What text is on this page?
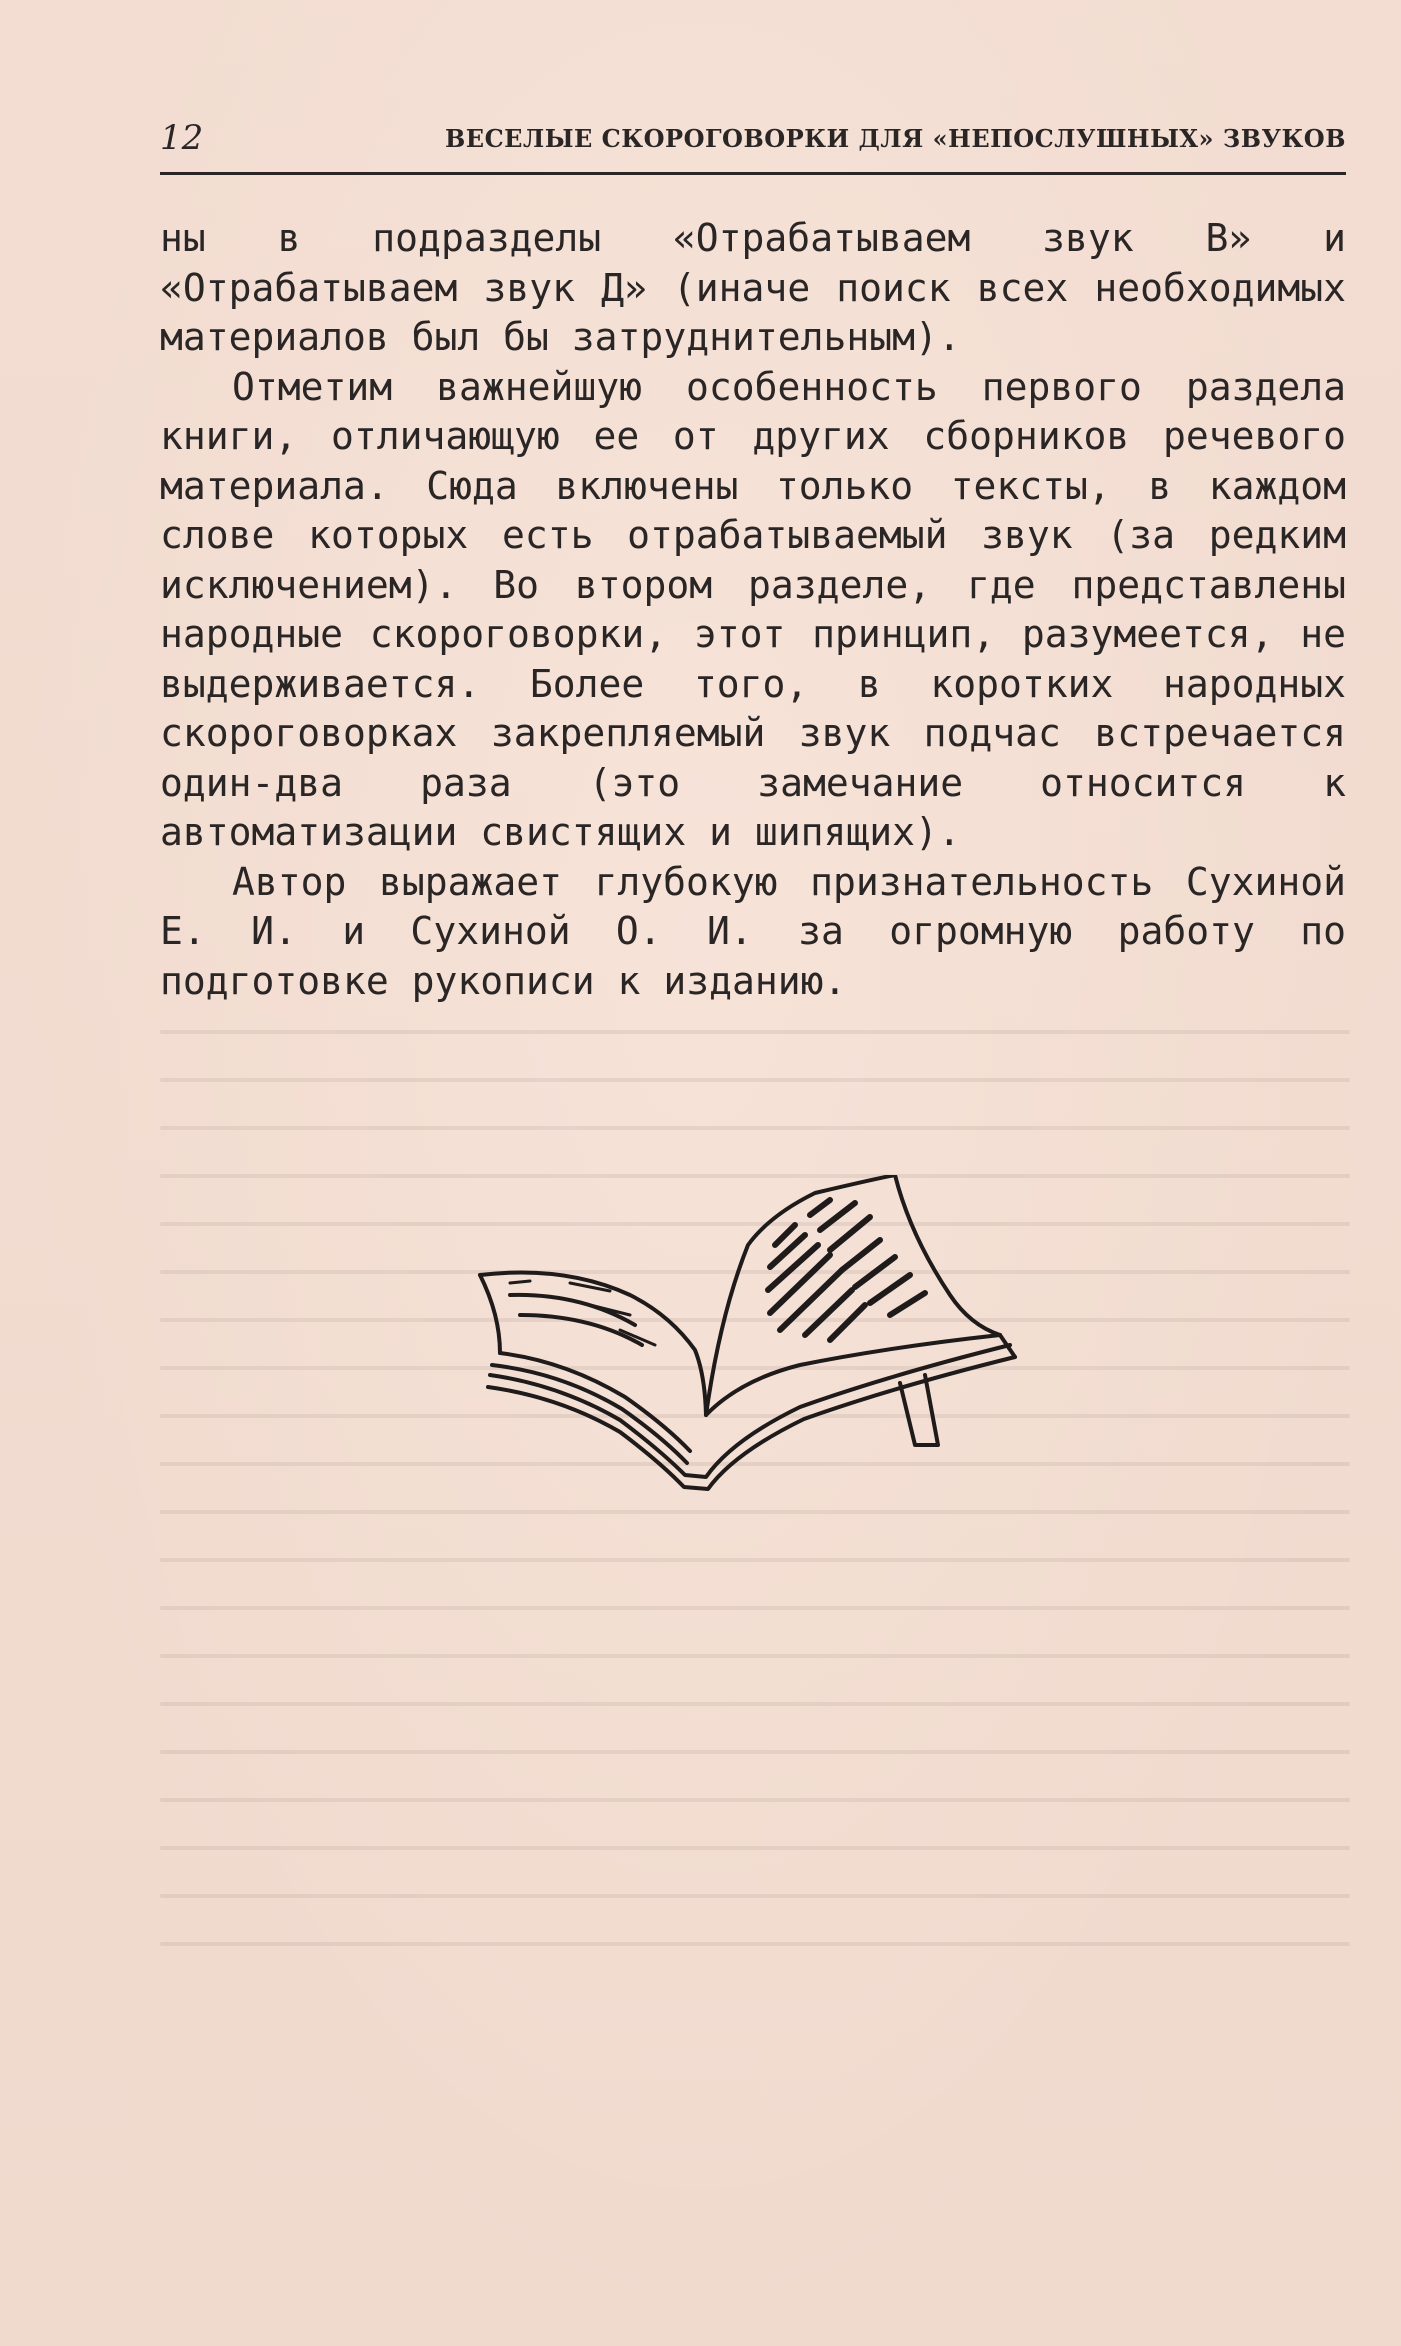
12	ВЕСЕЛЫЕ СКОРОГОВОРКИ ДЛЯ «НЕПОСЛУШНЫХ» ЗВУКОВ

ны в подразделы «Отрабатываем звук В» и «Отрабатываем звук Д» (иначе поиск всех необходимых материалов был бы затруднительным).

Отметим важнейшую особенность первого раздела книги, отличающую ее от других сборников речевого материала. Сюда включены только тексты, в каждом слове которых есть отрабатываемый звук (за редким исключением). Во втором разделе, где представлены народные скороговорки, этот принцип, разумеется, не выдерживается. Более того, в коротких народных скороговорках закрепляемый звук подчас встречается один-два раза (это замечание относится к автоматизации свистящих и шипящих).

Автор выражает глубокую признательность Сухиной Е. И. и Сухиной О. И. за огромную работу по подготовке рукописи к изданию.
